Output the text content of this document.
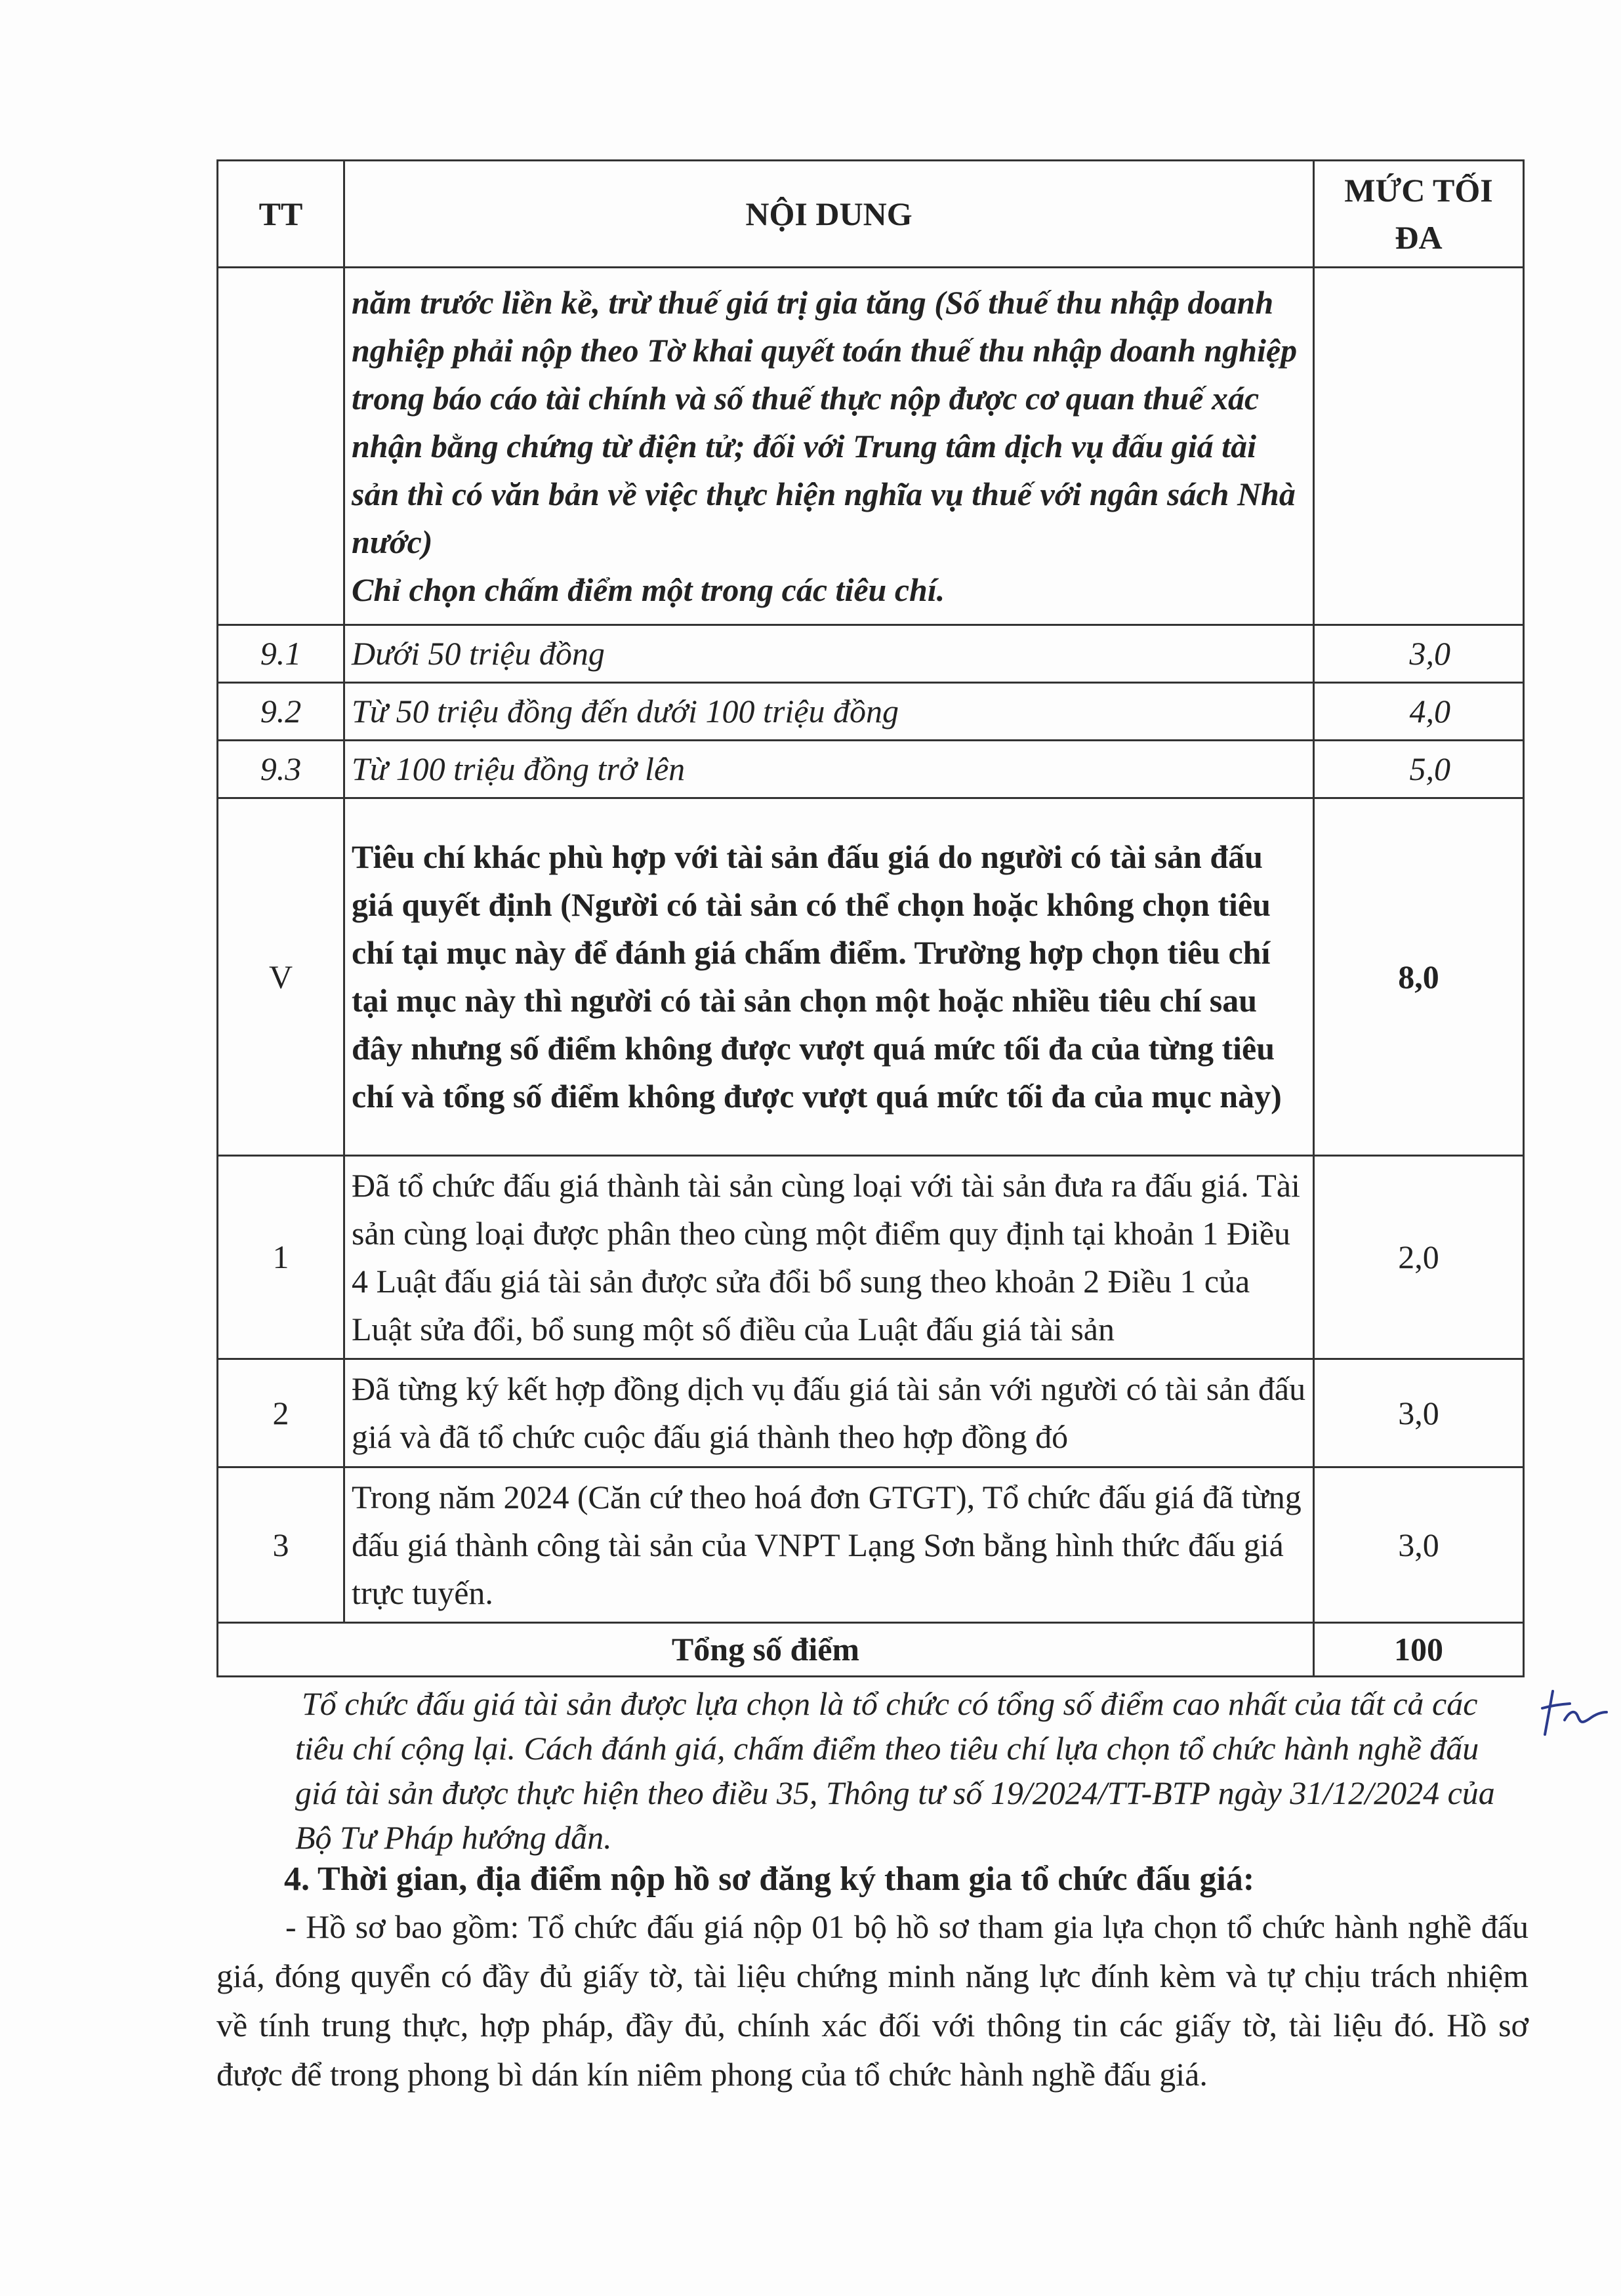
TT	NỘI DUNG	MỨC TỐI ĐA
	năm trước liền kề, trừ thuế giá trị gia tăng (Số thuế thu nhập doanh nghiệp phải nộp theo Tờ khai quyết toán thuế thu nhập doanh nghiệp trong báo cáo tài chính và số thuế thực nộp được cơ quan thuế xác nhận bằng chứng từ điện tử; đối với Trung tâm dịch vụ đấu giá tài sản thì có văn bản về việc thực hiện nghĩa vụ thuế với ngân sách Nhà nước)
Chỉ chọn chấm điểm một trong các tiêu chí.	
9.1	Dưới 50 triệu đồng	3,0
9.2	Từ 50 triệu đồng đến dưới 100 triệu đồng	4,0
9.3	Từ 100 triệu đồng trở lên	5,0
V	Tiêu chí khác phù hợp với tài sản đấu giá do người có tài sản đấu giá quyết định (Người có tài sản có thể chọn hoặc không chọn tiêu chí tại mục này để đánh giá chấm điểm. Trường hợp chọn tiêu chí tại mục này thì người có tài sản chọn một hoặc nhiều tiêu chí sau đây nhưng số điểm không được vượt quá mức tối đa của từng tiêu chí và tổng số điểm không được vượt quá mức tối đa của mục này)	8,0
1	Đã tổ chức đấu giá thành tài sản cùng loại với tài sản đưa ra đấu giá. Tài sản cùng loại được phân theo cùng một điểm quy định tại khoản 1 Điều 4 Luật đấu giá tài sản được sửa đổi bổ sung theo khoản 2 Điều 1 của Luật sửa đổi, bổ sung một số điều của Luật đấu giá tài sản	2,0
2	Đã từng ký kết hợp đồng dịch vụ đấu giá tài sản với người có tài sản đấu giá và đã tổ chức cuộc đấu giá thành theo hợp đồng đó	3,0
3	Trong năm 2024 (Căn cứ theo hoá đơn GTGT), Tổ chức đấu giá đã từng đấu giá thành công tài sản của VNPT Lạng Sơn bằng hình thức đấu giá trực tuyến.	3,0
Tổng số điểm		100
Tổ chức đấu giá tài sản được lựa chọn là tổ chức có tổng số điểm cao nhất của tất cả các tiêu chí cộng lại. Cách đánh giá, chấm điểm theo tiêu chí lựa chọn tổ chức hành nghề đấu giá tài sản được thực hiện theo điều 35, Thông tư số 19/2024/TT-BTP ngày 31/12/2024 của Bộ Tư Pháp hướng dẫn.
4. Thời gian, địa điểm nộp hồ sơ đăng ký tham gia tổ chức đấu giá:
- Hồ sơ bao gồm: Tổ chức đấu giá nộp 01 bộ hồ sơ tham gia lựa chọn tổ chức hành nghề đấu giá, đóng quyển có đầy đủ giấy tờ, tài liệu chứng minh năng lực đính kèm và tự chịu trách nhiệm về tính trung thực, hợp pháp, đầy đủ, chính xác đối với thông tin các giấy tờ, tài liệu đó. Hồ sơ được để trong phong bì dán kín niêm phong của tổ chức hành nghề đấu giá.
